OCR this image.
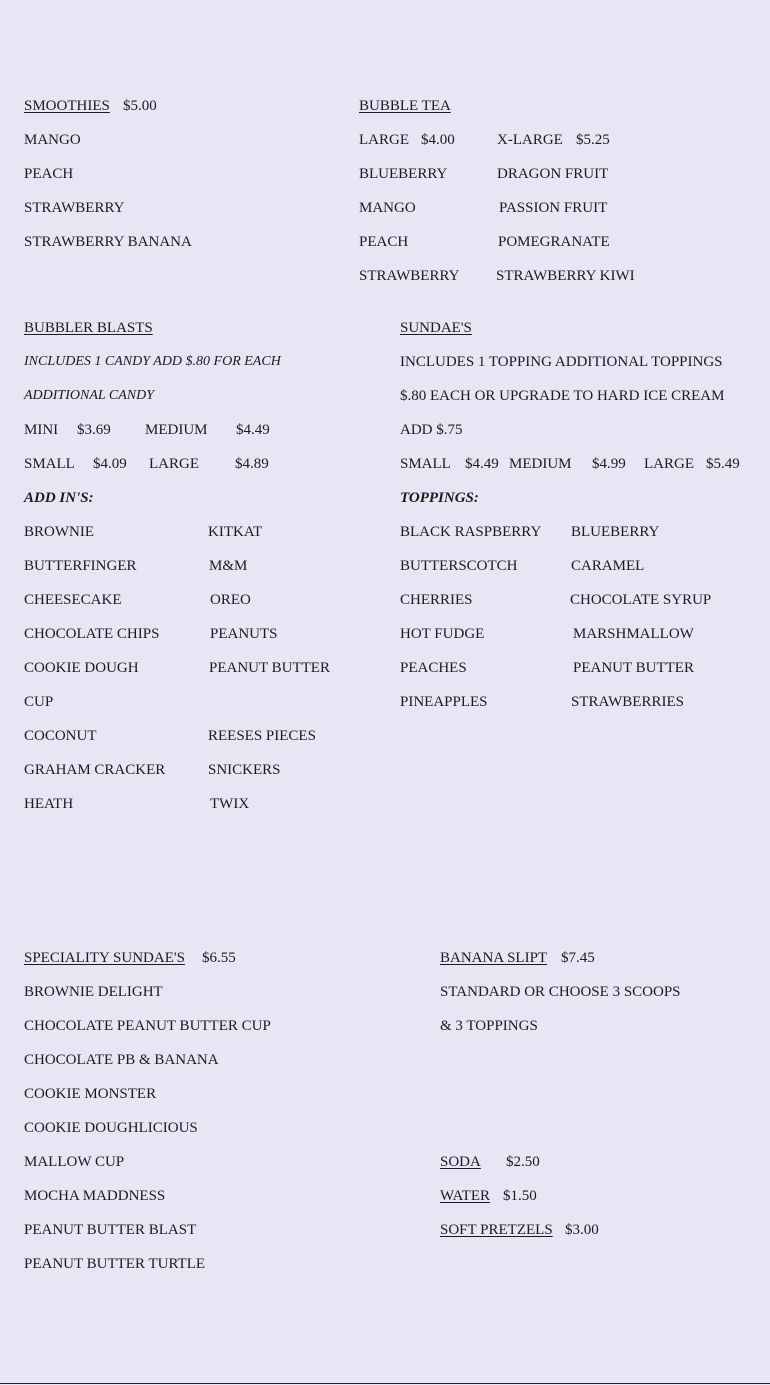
SMOOTHIES $5.00
MANGO
PEACH
STRAWBERRY
STRAWBERRY BANANA
BUBBLE TEA
LARGE $4.00	X-LARGE $5.25
BLUEBERRY
MANGO
PEACH
STRAWBERRY
DRAGON FRUIT
PASSION FRUIT
POMEGRANATE
STRAWBERRY KIWI
BUBBLER BLASTS
INCLUDES 1 CANDY ADD $.80 FOR EACH
ADDITIONAL CANDY
MINI $3.69 MEDIUM $4.49
SMALL $4.09 LARGE $4.89
ADD IN'S:
BROWNIE
BUTTERFINGER
CHEESECAKE
CHOCOLATE CHIPS
COOKIE DOUGH
CUP
COCONUT
GRAHAM CRACKER
HEATH
KITKAT
M&M
OREO
PEANUTS
PEANUT BUTTER
REESES PIECES
SNICKERS
TWIX
SUNDAE'S
INCLUDES 1 TOPPING ADDITIONAL TOPPINGS
$.80 EACH OR UPGRADE TO HARD ICE CREAM
ADD $.75
SMALL $4.49 MEDIUM $4.99 LARGE $5.49
TOPPINGS:
BLACK RASPBERRY
BUTTERSCOTCH
CHERRIES
HOT FUDGE
PEACHES
PINEAPPLES
BLUEBERRY
CARAMEL
CHOCOLATE SYRUP
MARSHMALLOW
PEANUT BUTTER
STRAWBERRIES
SPECIALITY SUNDAE'S $6.55
BROWNIE DELIGHT
CHOCOLATE PEANUT BUTTER CUP
CHOCOLATE PB & BANANA
COOKIE MONSTER
COOKIE DOUGHLICIOUS
MALLOW CUP
MOCHA MADDNESS
PEANUT BUTTER BLAST
PEANUT BUTTER TURTLE
BANANA SLIPT $7.45
STANDARD OR CHOOSE 3 SCOOPS
& 3 TOPPINGS
SODA $2.50
WATER $1.50
SOFT PRETZELS $3.00
